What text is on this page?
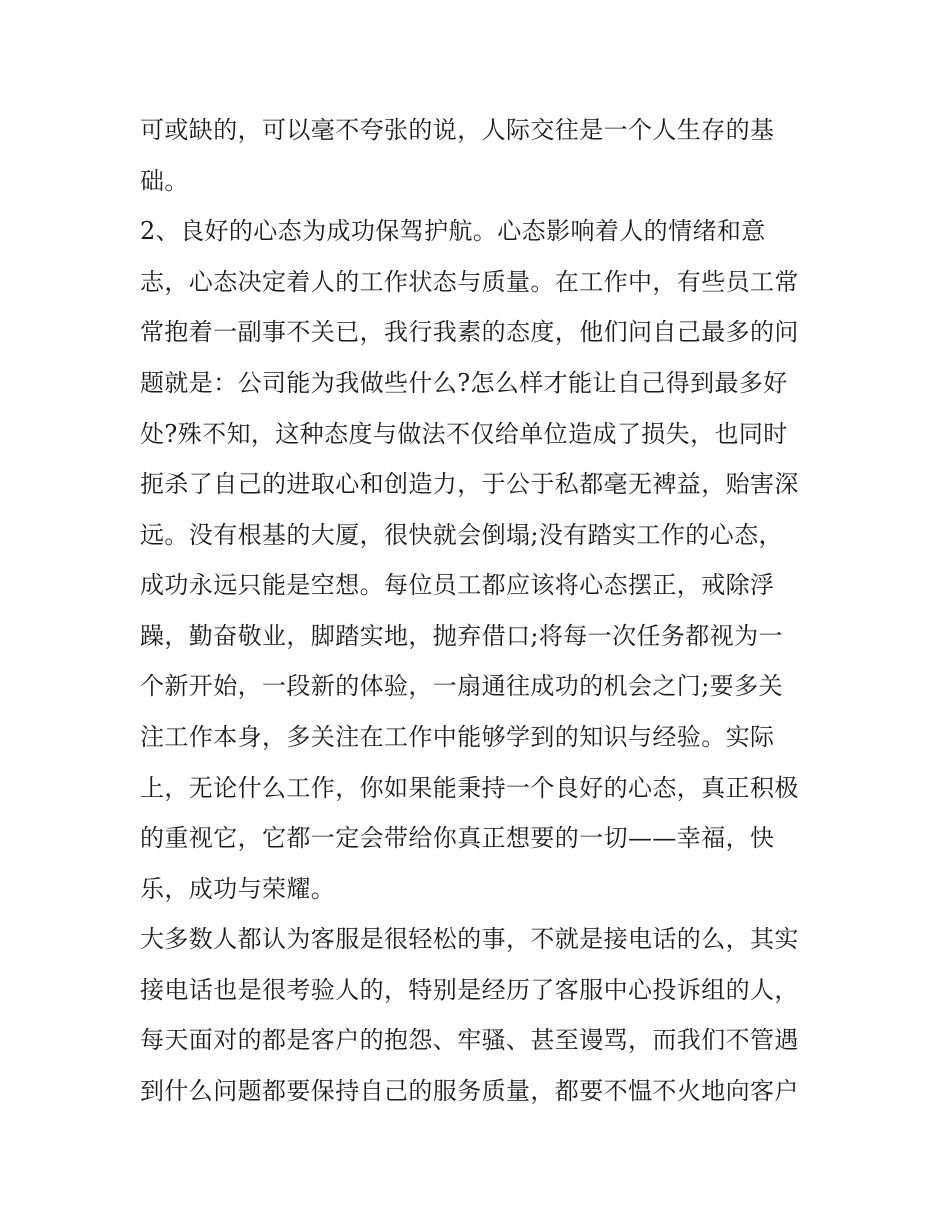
可或缺的，可以毫不夸张的说，人际交往是一个人生存的基
础。
2、良好的心态为成功保驾护航。心态影响着人的情绪和意
志，心态决定着人的工作状态与质量。在工作中，有些员工常
常抱着一副事不关已，我行我素的态度，他们问自己最多的问
题就是：公司能为我做些什么?怎么样才能让自己得到最多好
处?殊不知，这种态度与做法不仅给单位造成了损失，也同时
扼杀了自己的进取心和创造力，于公于私都毫无裨益，贻害深
远。没有根基的大厦，很快就会倒塌;没有踏实工作的心态，
成功永远只能是空想。每位员工都应该将心态摆正，戒除浮
躁，勤奋敬业，脚踏实地，抛弃借口;将每一次任务都视为一
个新开始，一段新的体验，一扇通往成功的机会之门;要多关
注工作本身，多关注在工作中能够学到的知识与经验。实际
上，无论什么工作，你如果能秉持一个良好的心态，真正积极
的重视它，它都一定会带给你真正想要的一切——幸福，快
乐，成功与荣耀。
大多数人都认为客服是很轻松的事，不就是接电话的么，其实
接电话也是很考验人的，特别是经历了客服中心投诉组的人，
每天面对的都是客户的抱怨、牢骚、甚至谩骂，而我们不管遇
到什么问题都要保持自己的服务质量，都要不愠不火地向客户
